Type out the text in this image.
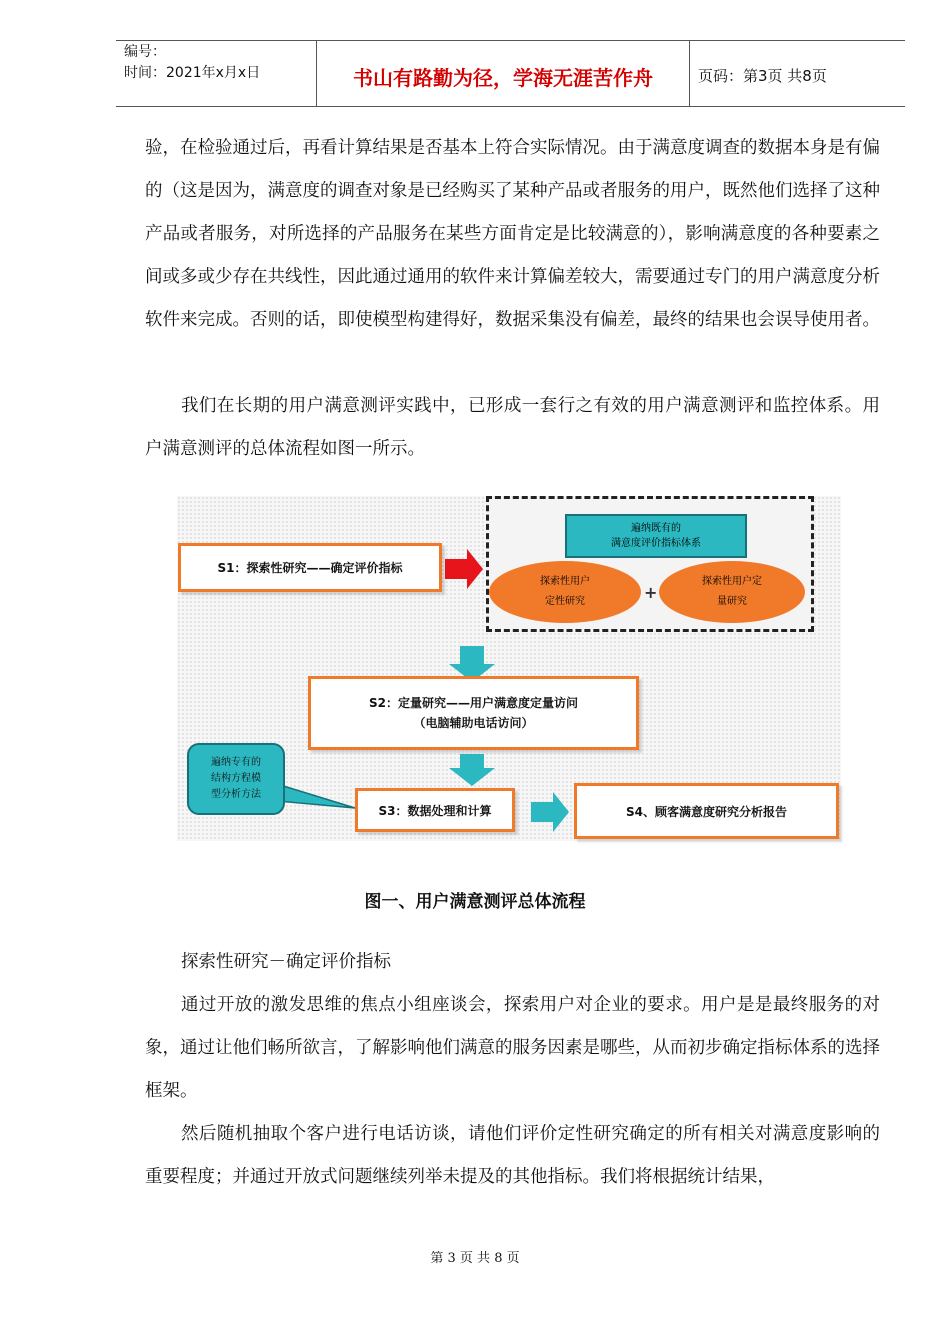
编号：
时间：2021年x月x日	书山有路勤为径，学海无涯苦作舟	页码：第3页 共8页
验，在检验通过后，再看计算结果是否基本上符合实际情况。由于满意度调查的数据本身是有偏的（这是因为，满意度的调查对象是已经购买了某种产品或者服务的用户，既然他们选择了这种产品或者服务，对所选择的产品服务在某些方面肯定是比较满意的），影响满意度的各种要素之间或多或少存在共线性，因此通过通用的软件来计算偏差较大，需要通过专门的用户满意度分析软件来完成。否则的话，即使模型构建得好，数据采集没有偏差，最终的结果也会误导使用者。
我们在长期的用户满意测评实践中，已形成一套行之有效的用户满意测评和监控体系。用户满意测评的总体流程如图一所示。
S1：探索性研究——确定评价指标
遍纳既有的
满意度评价指标体系
探索性用户
定性研究	+
探索性用户定
量研究
S2：定量研究——用户满意度定量访问
（电脑辅助电话访问）
遍纳专有的
结构方程模
型分析方法
S3：数据处理和计算	S4、顾客满意度研究分析报告
图一、用户满意测评总体流程
探索性研究－确定评价指标
通过开放的激发思维的焦点小组座谈会，探索用户对企业的要求。用户是是最终服务的对象，通过让他们畅所欲言，了解影响他们满意的服务因素是哪些，从而初步确定指标体系的选择框架。
然后随机抽取个客户进行电话访谈，请他们评价定性研究确定的所有相关对满意度影响的重要程度；并通过开放式问题继续列举未提及的其他指标。我们将根据统计结果，
第 3 页 共 8 页
